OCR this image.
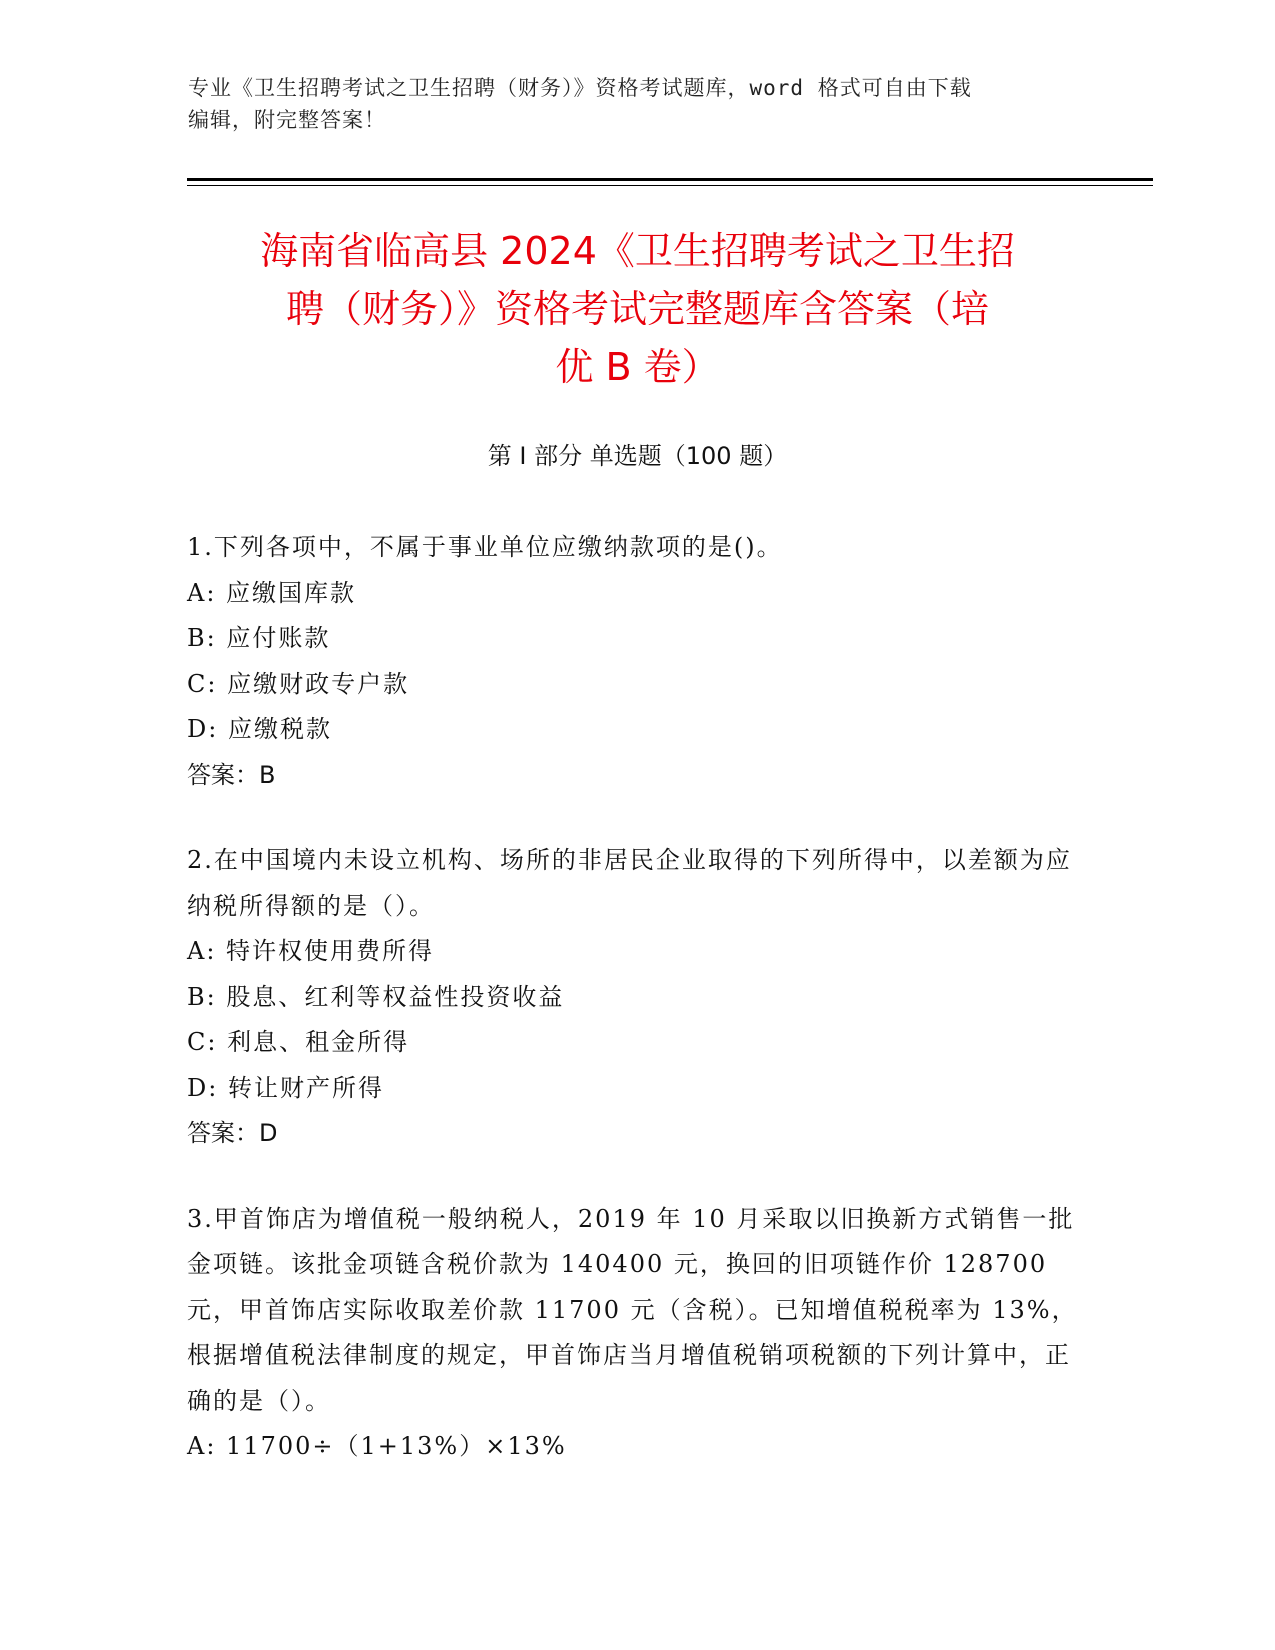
专业《卫生招聘考试之卫生招聘（财务）》资格考试题库，word 格式可自由下载
编辑，附完整答案！
海南省临高县 2024《卫生招聘考试之卫生招
聘（财务）》资格考试完整题库含答案（培
优 B 卷）
第 I 部分 单选题（100 题）
1.下列各项中，不属于事业单位应缴纳款项的是()。
A: 应缴国库款
B: 应付账款
C: 应缴财政专户款
D: 应缴税款
答案：B
2.在中国境内未设立机构、场所的非居民企业取得的下列所得中，以差额为应纳税所得额的是（）。
A: 特许权使用费所得
B: 股息、红利等权益性投资收益
C: 利息、租金所得
D: 转让财产所得
答案：D
3.甲首饰店为增值税一般纳税人，2019 年 10 月采取以旧换新方式销售一批金项链。该批金项链含税价款为 140400 元，换回的旧项链作价 128700 元，甲首饰店实际收取差价款 11700 元（含税）。已知增值税税率为 13%，根据增值税法律制度的规定，甲首饰店当月增值税销项税额的下列计算中，正确的是（）。
A: 11700÷（1+13%）×13%
